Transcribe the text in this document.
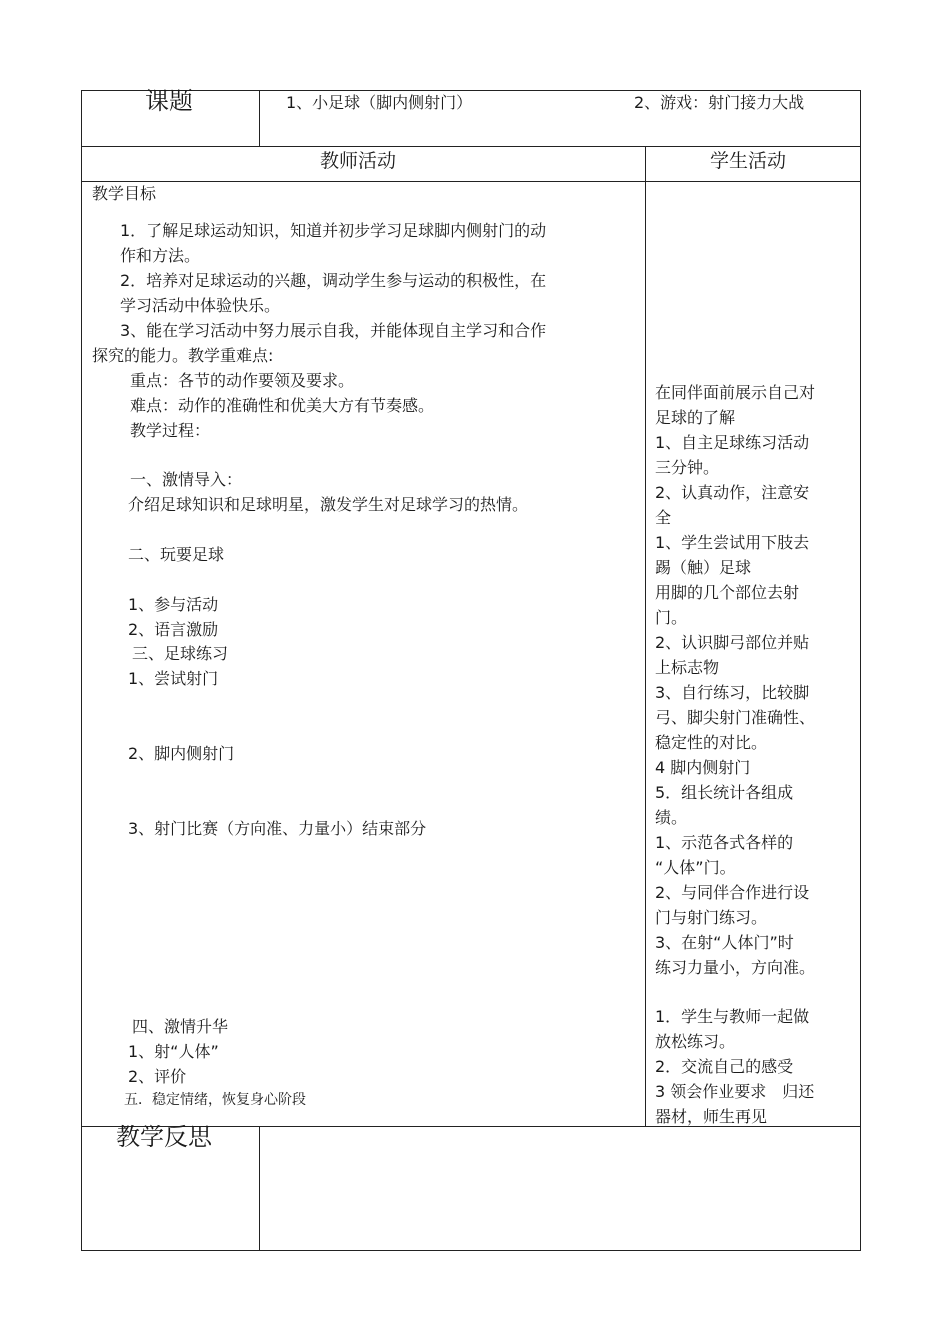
课题	1、小足球（脚内侧射门）	2、游戏：射门接力大战
教师活动	学生活动
教学目标
1．了解足球运动知识，知道并初步学习足球脚内侧射门的动
作和方法。
2．培养对足球运动的兴趣，调动学生参与运动的积极性，在
学习活动中体验快乐。
3、能在学习活动中努力展示自我，并能体现自主学习和合作
探究的能力。教学重难点:
重点：各节的动作要领及要求。
难点：动作的准确性和优美大方有节奏感。
教学过程：
一、激情导入：
介绍足球知识和足球明星，激发学生对足球学习的热情。
二、玩要足球
1、参与活动
2、语言激励
三、足球练习
1、尝试射门
2、脚内侧射门
3、射门比赛（方向准、力量小）结束部分
四、激情升华
1、射“人体”
2、评价
五．稳定情绪，恢复身心阶段
在同伴面前展示自己对
足球的了解
1、自主足球练习活动
三分钟。
2、认真动作，注意安
全
1、学生尝试用下肢去
踢（触）足球
用脚的几个部位去射
门。
2、认识脚弓部位并贴
上标志物
3、自行练习，比较脚
弓、脚尖射门准确性、
稳定性的对比。
4 脚内侧射门
5．组长统计各组成
绩。
1、示范各式各样的
“人体”门。
2、与同伴合作进行设
门与射门练习。
3、在射“人体门”时
练习力量小，方向准。
1．学生与教师一起做
放松练习。
2．交流自己的感受
3 领会作业要求　归还
器材，师生再见
教学反思
